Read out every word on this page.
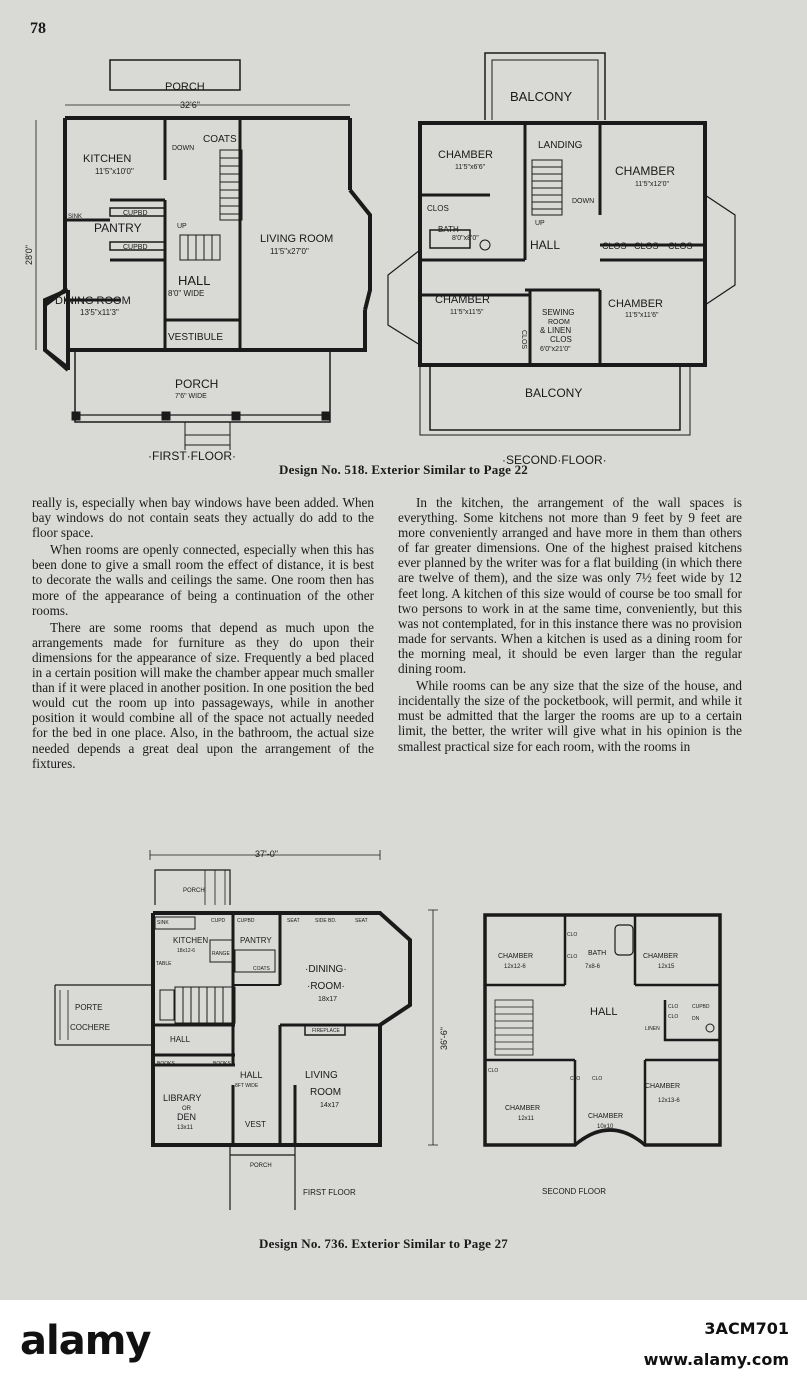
78
PORCH
32'6"
28'0"
KITCHEN
11'5"x10'0"
COATS
DOWN
UP
PANTRY
CUPBD
CUPBD
SINK
LIVING ROOM
11'5"x27'0"
HALL
8'0" WIDE
DINING ROOM
13'5"x11'3"
VESTIBULE
PORCH
7'6" WIDE
·FIRST·FLOOR·
BALCONY
CHAMBER
11'5"x6'6"
LANDING
CHAMBER
11'5"x12'0"
CLOS
DOWN
UP
BATH
8'0"x8'0"	HALL	CLOS CLOS CLOS
CHAMBER
11'5"x11'5"	SEWING
ROOM
& LINEN
CLOS
6'0"x21'0"
CLOS
CHAMBER
11'5"x11'6"
BALCONY
·SECOND·FLOOR·
Design No. 518. Exterior Similar to Page 22

really is, especially when bay windows have been added. When bay windows do not contain seats they actually do add to the floor space.

When rooms are openly connected, especially when this has been done to give a small room the effect of distance, it is best to decorate the walls and ceilings the same. One room then has more of the appearance of being a continuation of the other rooms.

There are some rooms that depend as much upon the arrangements made for furniture as they do upon their dimensions for the appearance of size. Frequently a bed placed in a certain position will make the chamber appear much smaller than if it were placed in another position. In one position the bed would cut the room up into passageways, while in another position it would combine all of the space not actually needed for the bed in one place. Also, in the bathroom, the actual size needed depends a great deal upon the arrangement of the fixtures.

In the kitchen, the arrangement of the wall spaces is everything. Some kitchens not more than 9 feet by 9 feet are more conveniently arranged and have more in them than others of far greater dimensions. One of the highest praised kitchens ever planned by the writer was for a flat building (in which there are twelve of them), and the size was only 7½ feet wide by 12 feet long. A kitchen of this size would of course be too small for two persons to work in at the same time, conveniently, but this was not contemplated, for in this instance there was no provision made for servants. When a kitchen is used as a dining room for the morning meal, it should be even larger than the regular dining room.

While rooms can be any size that the size of the house, and incidentally the size of the pocketbook, will permit, and while it must be admitted that the larger the rooms are up to a certain limit, the better, the writer will give what in his opinion is the smallest practical size for each room, with the rooms in

37'-0"
36'-6"
PORCH
SINK	CUPD CUPBD	SEAT	SIDE BD.	SEAT
KITCHEN
18x12-6
PANTRY
RANGE
TABLE
COATS	·DINING·
·ROOM·
18x17
PORTE
COCHERE
HALL
FIREPLACE
BOOKS	BOOKS
LIBRARY
OR
DEN
13x11
HALL
8FT WIDE
VEST
LIVING
ROOM
14x17
PORCH
FIRST FLOOR
CHAMBER
12x12-6
CLO
CLO BATH
7x8-6
CHAMBER
12x15
HALL	CLO
CLO
CUPBD
LINEN
DN
CHAMBER
12x11
CLO
CLO CLO
CHAMBER
10x10
CHAMBER
12x13-6
SECOND FLOOR
Design No. 736. Exterior Similar to Page 27
alamy	3ACM701
www.alamy.com
